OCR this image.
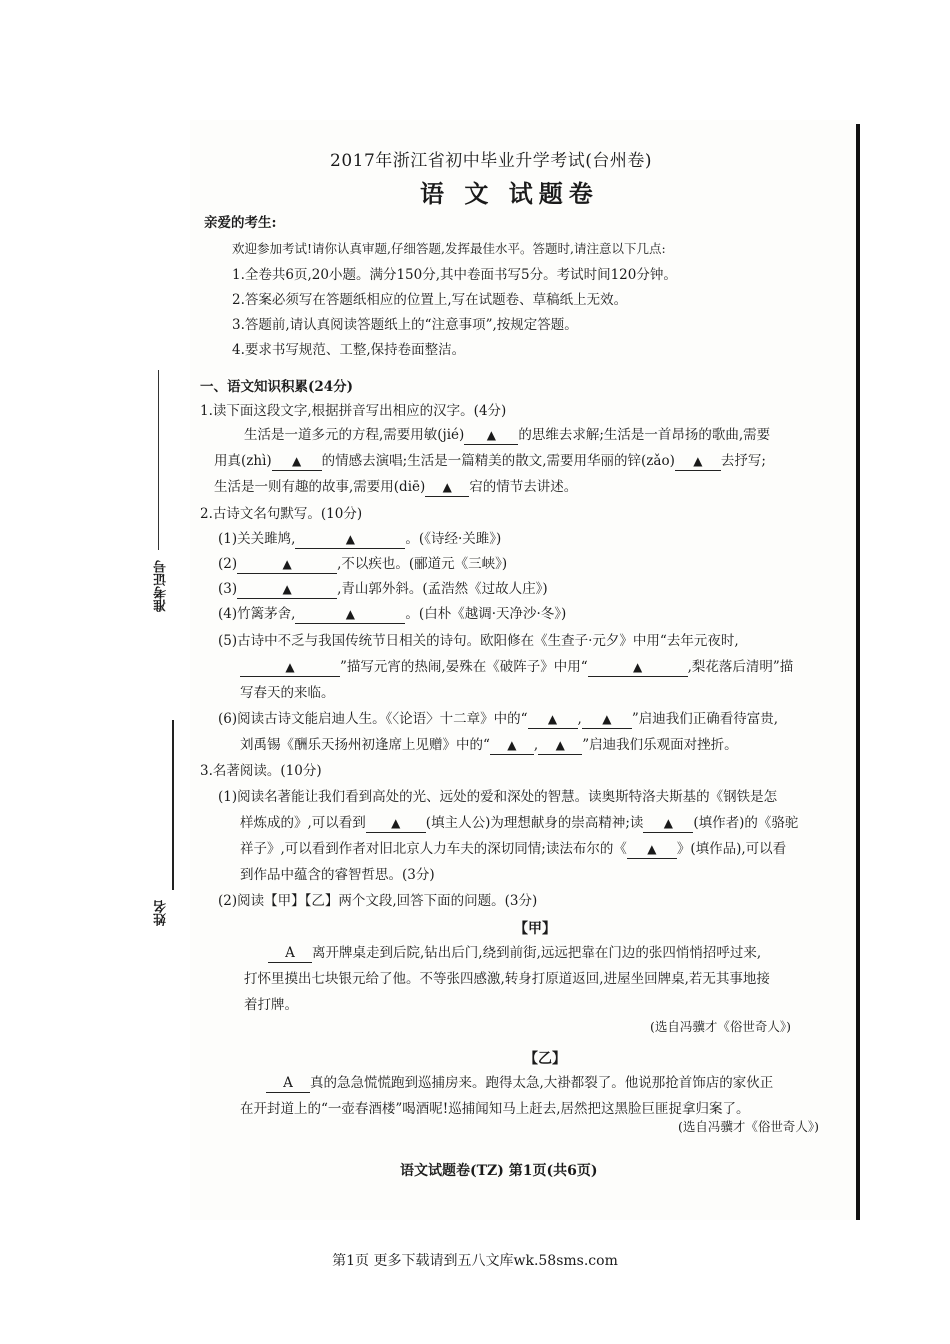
2017年浙江省初中毕业升学考试(台州卷)
语 文 试题卷
亲爱的考生:
欢迎参加考试!请你认真审题,仔细答题,发挥最佳水平。答题时,请注意以下几点:
1.全卷共6页,20小题。满分150分,其中卷面书写5分。考试时间120分钟。
2.答案必须写在答题纸相应的位置上,写在试题卷、草稿纸上无效。
3.答题前,请认真阅读答题纸上的“注意事项”,按规定答题。
4.要求书写规范、工整,保持卷面整洁。
准考证号
姓名
一、语文知识积累(24分)
1.读下面这段文字,根据拼音写出相应的汉字。(4分)
生活是一道多元的方程,需要用敏(jié) ▲ 的思维去求解;生活是一首昂扬的歌曲,需要
用真(zhì) ▲ 的情感去演唱;生活是一篇精美的散文,需要用华丽的锌(zǎo) ▲ 去抒写;
生活是一则有趣的故事,需要用(diē) ▲ 宕的情节去讲述。
2.古诗文名句默写。(10分)
(1)关关雎鸠,	▲	。(《诗经·关雎》)
(2)	▲	,不以疾也。(郦道元《三峡》)
(3)	▲	,青山郭外斜。(孟浩然《过故人庄》)
(4)竹篱茅舍,	▲	。(白朴《越调·天净沙·冬》)
(5)古诗中不乏与我国传统节日相关的诗句。欧阳修在《生查子·元夕》中用“去年元夜时,
▲	”描写元宵的热闹,晏殊在《破阵子》中用“	▲	,梨花落后清明”描
写春天的来临。
(6)阅读古诗文能启迪人生。《〈论语〉十二章》中的“ ▲ , ▲ ”启迪我们正确看待富贵,
刘禹锡《酬乐天扬州初逢席上见赠》中的“ ▲ , ▲ ”启迪我们乐观面对挫折。
3.名著阅读。(10分)
(1)阅读名著能让我们看到高处的光、远处的爱和深处的智慧。读奥斯特洛夫斯基的《钢铁是怎
样炼成的》,可以看到 ▲ (填主人公)为理想献身的崇高精神;读 ▲ (填作者)的《骆驼
祥子》,可以看到作者对旧北京人力车夫的深切同情;读法布尔的《 ▲ 》(填作品),可以看
到作品中蕴含的睿智哲思。(3分)
(2)阅读【甲】【乙】两个文段,回答下面的问题。(3分)
【甲】
A 离开牌桌走到后院,钻出后门,绕到前街,远远把靠在门边的张四悄悄招呼过来,
打怀里摸出七块银元给了他。不等张四感激,转身打原道返回,进屋坐回牌桌,若无其事地接
着打牌。
(选自冯骥才《俗世奇人》)
【乙】
A 真的急急慌慌跑到巡捕房来。跑得太急,大褂都裂了。他说那抢首饰店的家伙正
在开封道上的“一壶春酒楼”喝酒呢!巡捕闻知马上赶去,居然把这黑脸巨匪捉拿归案了。
(选自冯骥才《俗世奇人》)
语文试题卷(TZ) 第1页(共6页)
第1页 更多下载请到五八文库wk.58sms.com
